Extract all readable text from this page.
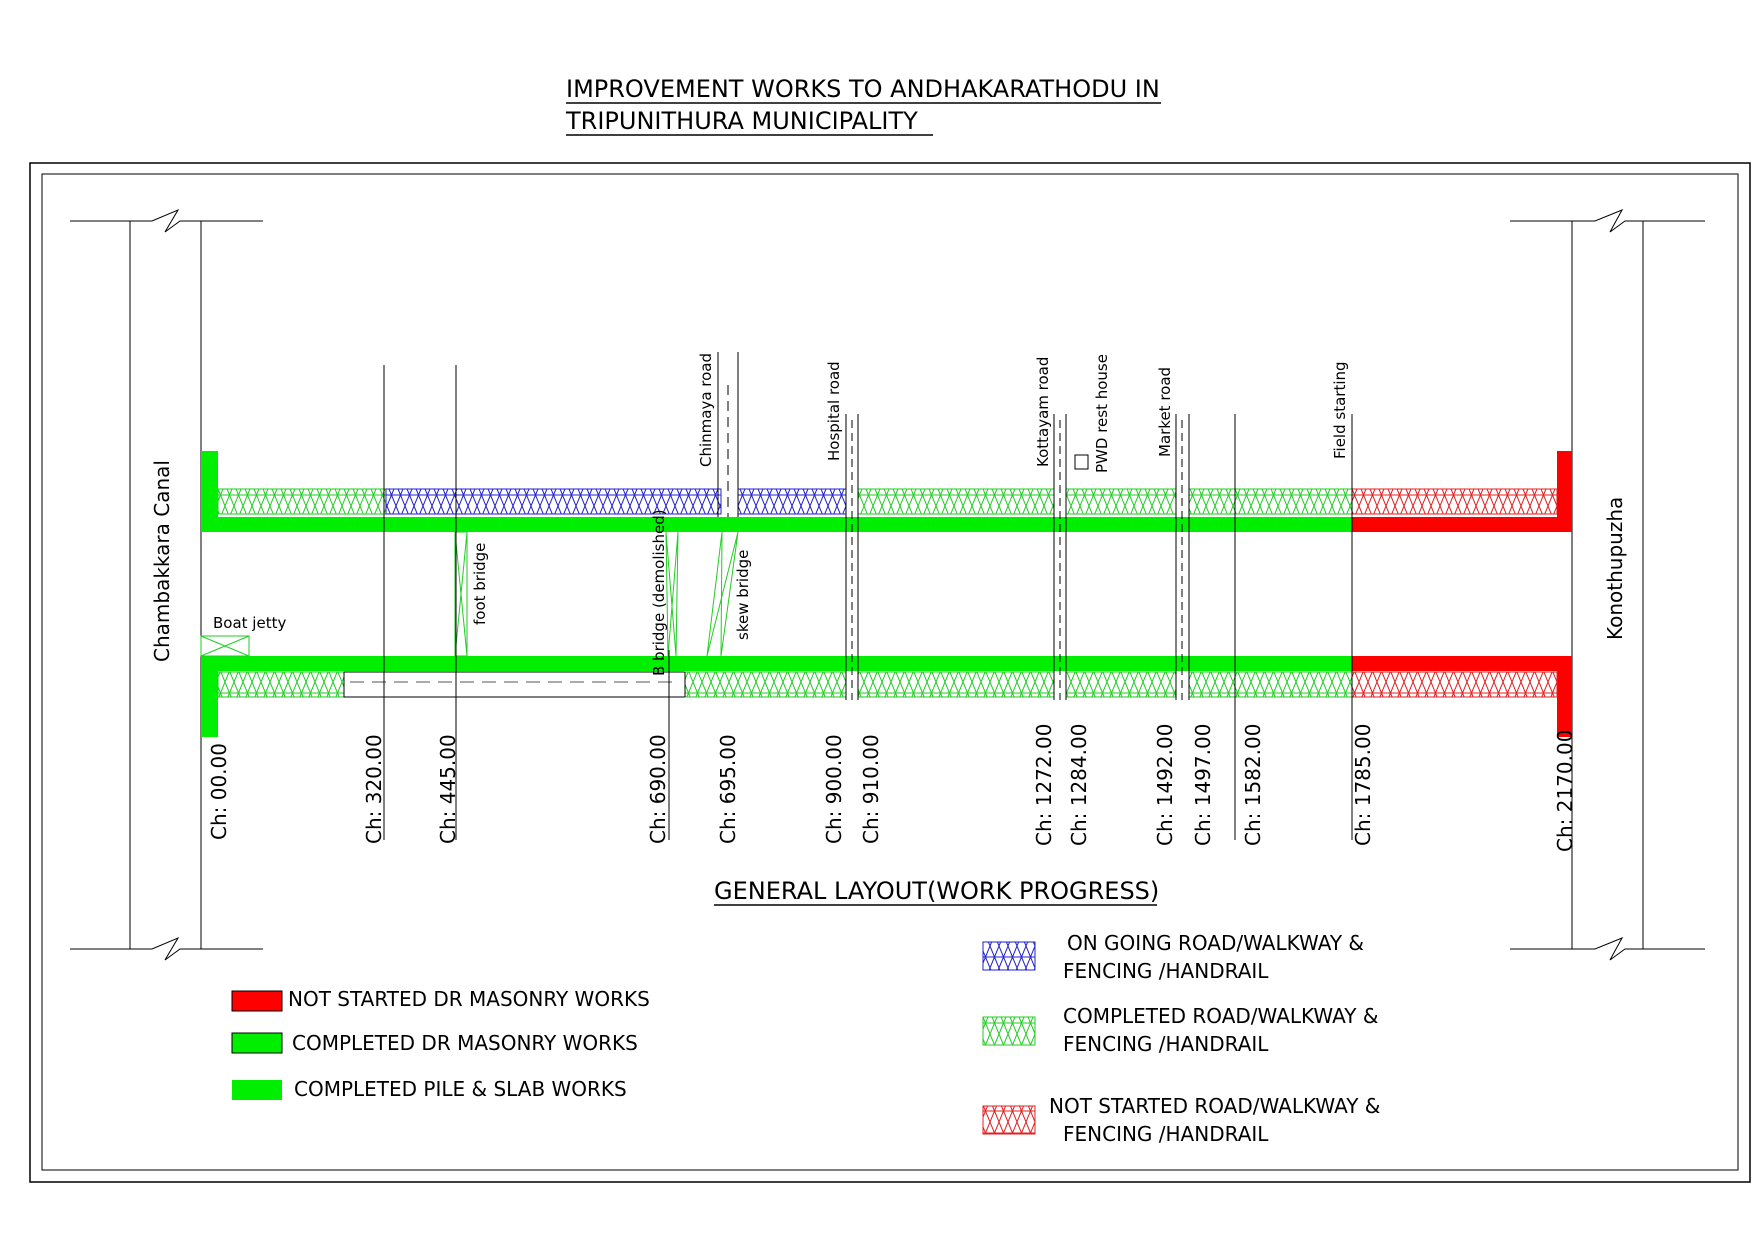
IMPROVEMENT WORKS TO ANDHAKARATHODU IN
TRIPUNITHURA MUNICIPALITY
Chambakkara Canal	Konothupuzha
Chinmaya road	Hospital road	Kottayam road	PWD rest house	Market road	Field starting
Boat jetty	foot bridge	B bridge (demolished)	skew bridge
Ch: 00.00	Ch: 320.00	Ch: 445.00	Ch: 690.00 Ch: 695.00	Ch: 900.00 Ch: 910.00	Ch: 1272.00 Ch: 1284.00	Ch: 1492.00 Ch: 1497.00 Ch: 1582.00	Ch: 1785.00	Ch: 2170.00
GENERAL LAYOUT(WORK PROGRESS)
NOT STARTED DR MASONRY WORKS
COMPLETED DR MASONRY WORKS
COMPLETED PILE & SLAB WORKS
ON GOING ROAD/WALKWAY &
FENCING /HANDRAIL
COMPLETED ROAD/WALKWAY &
FENCING /HANDRAIL
NOT STARTED ROAD/WALKWAY &
FENCING /HANDRAIL
